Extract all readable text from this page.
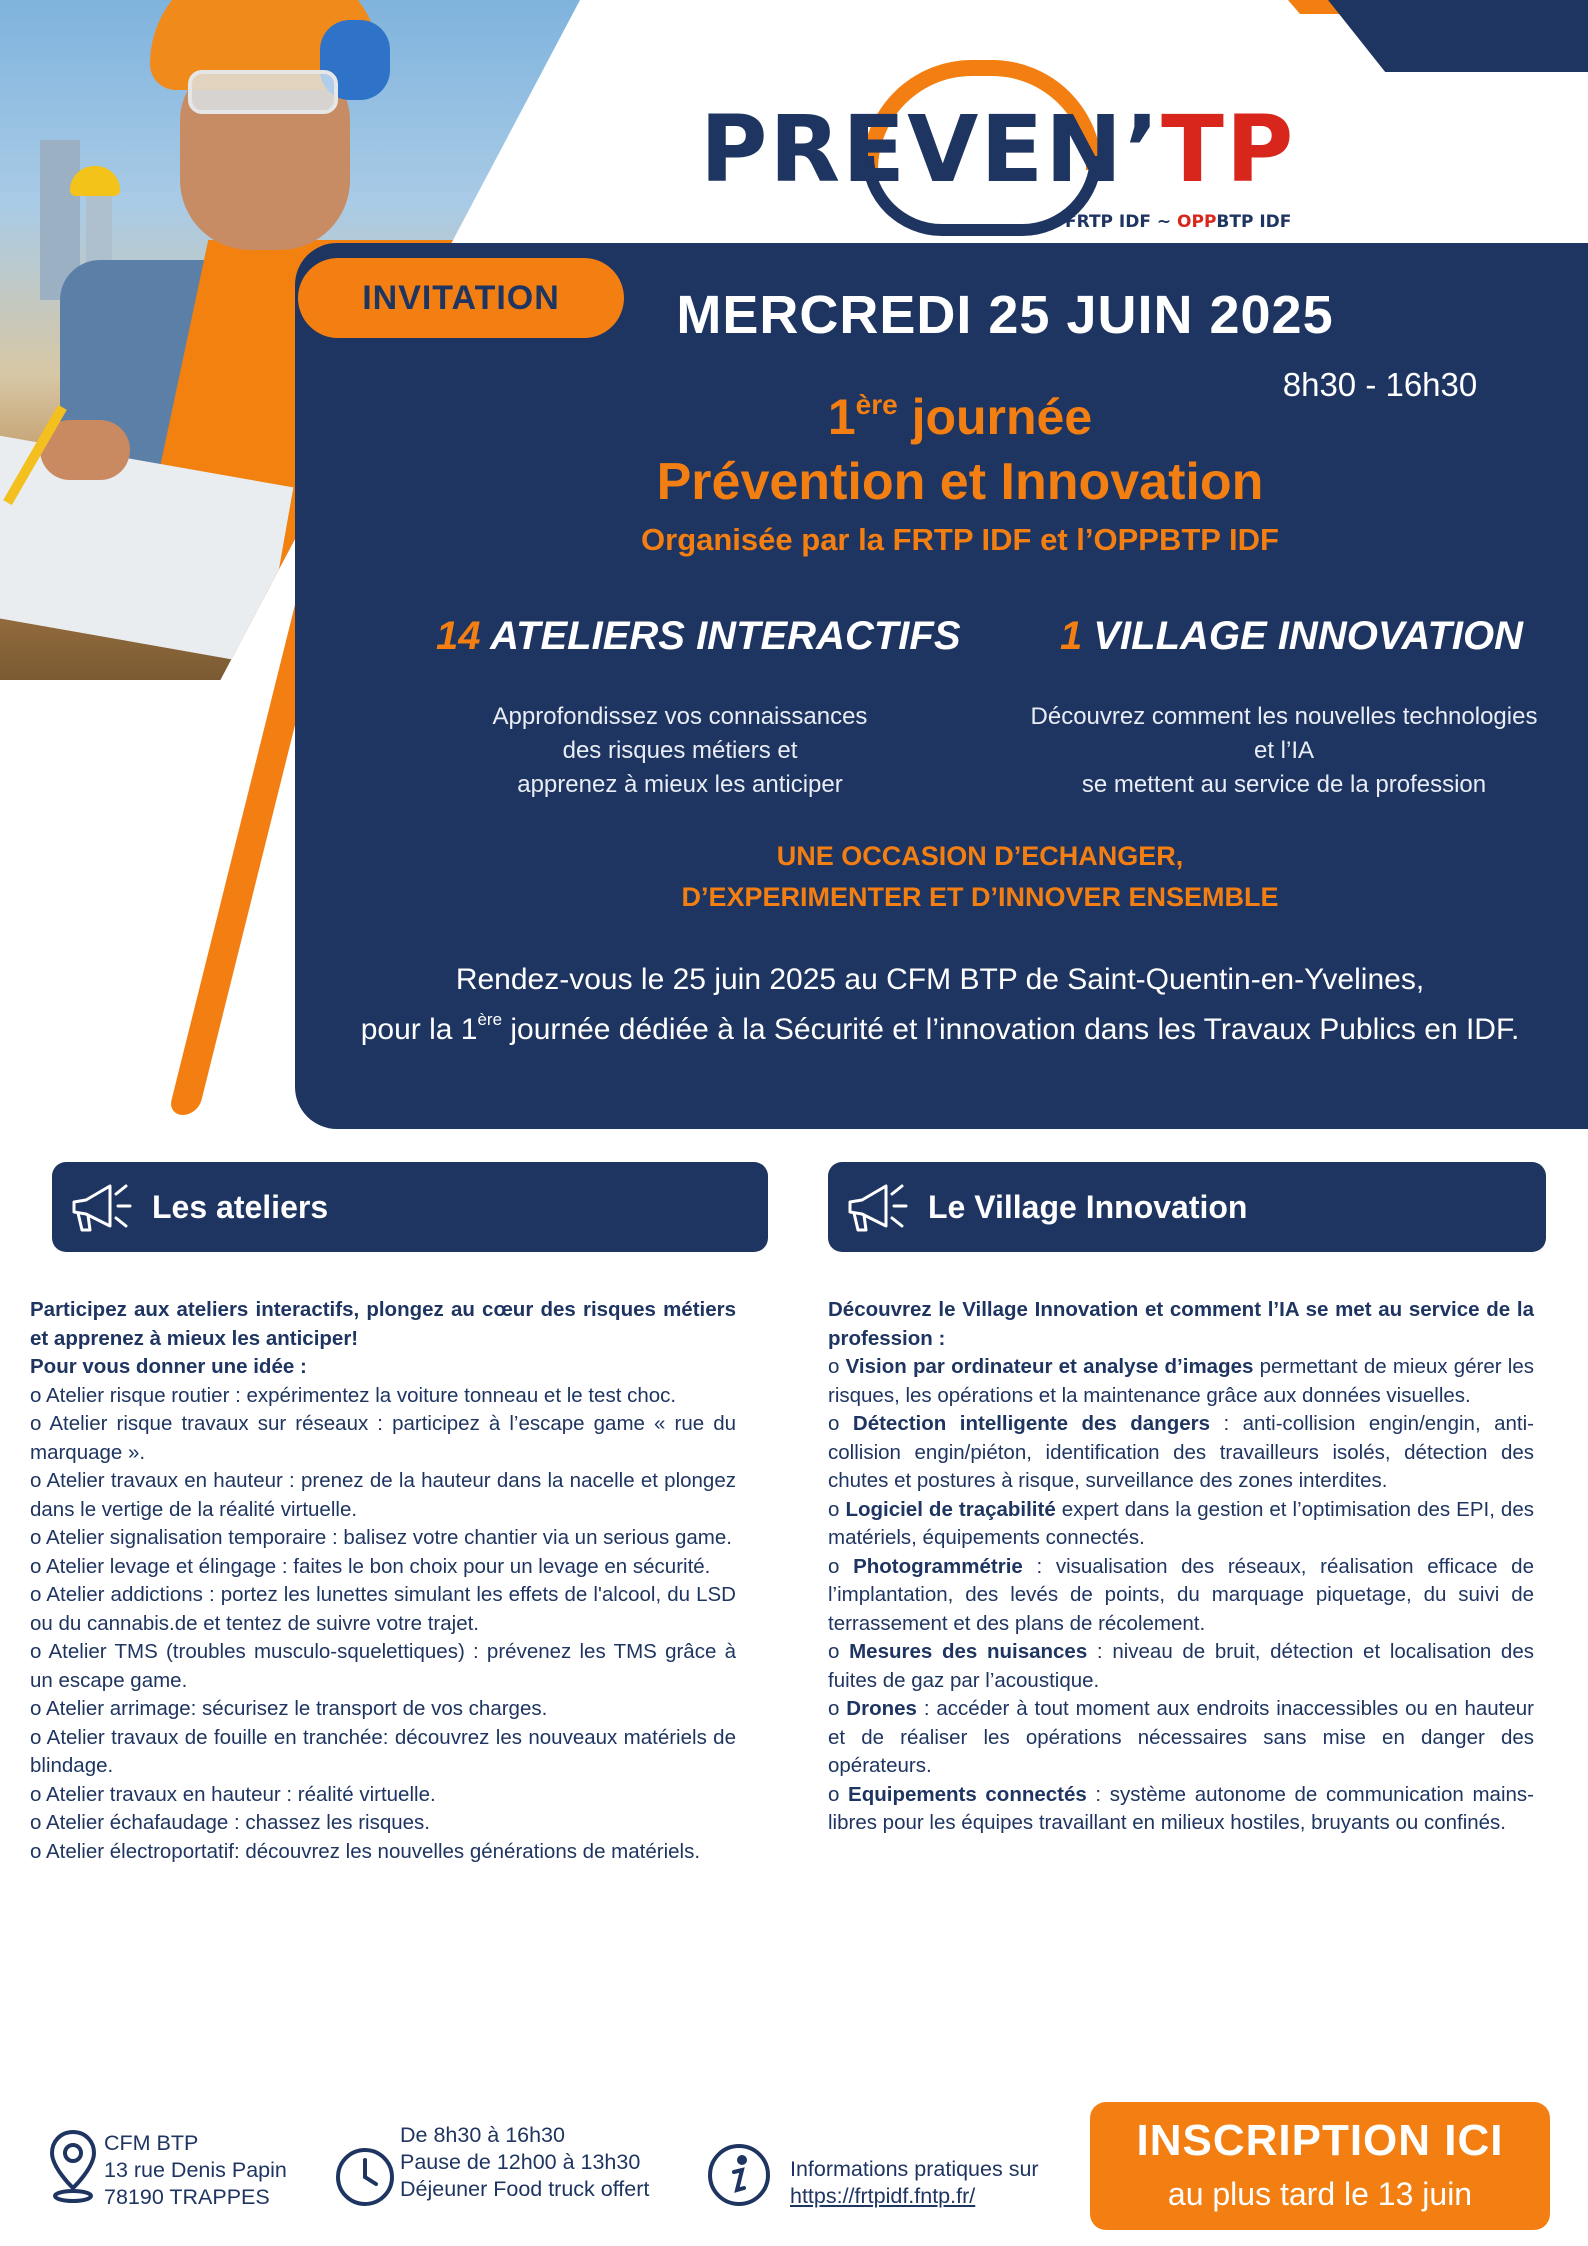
PREVEN’TP
FRTP IDF ~ OPPBTP IDF
INVITATION	MERCREDI 25 JUIN 2025
8h30 - 16h30
1ère journée
Prévention et Innovation
Organisée par la FRTP IDF et l’OPPBTP IDF
14 ATELIERS INTERACTIFS 1 VILLAGE INNOVATION
Approfondissez vos connaissances
des risques métiers et
apprenez à mieux les anticiper
Découvrez comment les nouvelles technologies
et l’IA
se mettent au service de la profession
UNE OCCASION D’ECHANGER,
D’EXPERIMENTER ET D’INNOVER ENSEMBLE
Rendez-vous le 25 juin 2025 au CFM BTP de Saint-Quentin-en-Yvelines,
pour la 1ère journée dédiée à la Sécurité et l’innovation dans les Travaux Publics en IDF.
Les ateliers	Le Village Innovation

Participez aux ateliers interactifs, plongez au cœur des risques métiers et apprenez à mieux les anticiper!

Pour vous donner une idée :

o Atelier risque routier : expérimentez la voiture tonneau et le test choc.

o Atelier risque travaux sur réseaux : participez à l’escape game « rue du marquage ».

o Atelier travaux en hauteur : prenez de la hauteur dans la nacelle et plongez dans le vertige de la réalité virtuelle.

o Atelier signalisation temporaire : balisez votre chantier via un serious game.

o Atelier levage et élingage : faites le bon choix pour un levage en sécurité.

o Atelier addictions : portez les lunettes simulant les effets de l'alcool, du LSD ou du cannabis.de et tentez de suivre votre trajet.

o Atelier TMS (troubles musculo-squelettiques) : prévenez les TMS grâce à un escape game.

o Atelier arrimage: sécurisez le transport de vos charges.

o Atelier travaux de fouille en tranchée: découvrez les nouveaux matériels de blindage.

o Atelier travaux en hauteur : réalité virtuelle.

o Atelier échafaudage : chassez les risques.

o Atelier électroportatif: découvrez les nouvelles générations de matériels.

Découvrez le Village Innovation et comment l’IA se met au service de la profession :

o Vision par ordinateur et analyse d’images permettant de mieux gérer les risques, les opérations et la maintenance grâce aux données visuelles.

o Détection intelligente des dangers : anti-collision engin/engin, anti-collision engin/piéton, identification des travailleurs isolés, détection des chutes et postures à risque, surveillance des zones interdites.

o Logiciel de traçabilité expert dans la gestion et l’optimisation des EPI, des matériels, équipements connectés.

o Photogrammétrie : visualisation des réseaux, réalisation efficace de l’implantation, des levés de points, du marquage piquetage, du suivi de terrassement et des plans de récolement.

o Mesures des nuisances : niveau de bruit, détection et localisation des fuites de gaz par l’acoustique.

o Drones : accéder à tout moment aux endroits inaccessibles ou en hauteur et de réaliser les opérations nécessaires sans mise en danger des opérateurs.

o Equipements connectés : système autonome de communication mains-libres pour les équipes travaillant en milieux hostiles, bruyants ou confinés.

CFM BTP
13 rue Denis Papin
78190 TRAPPES
De 8h30 à 16h30
Pause de 12h00 à 13h30
Déjeuner Food truck offert
Informations pratiques sur
https://frtpidf.fntp.fr/
INSCRIPTION ICI
au plus tard le 13 juin
